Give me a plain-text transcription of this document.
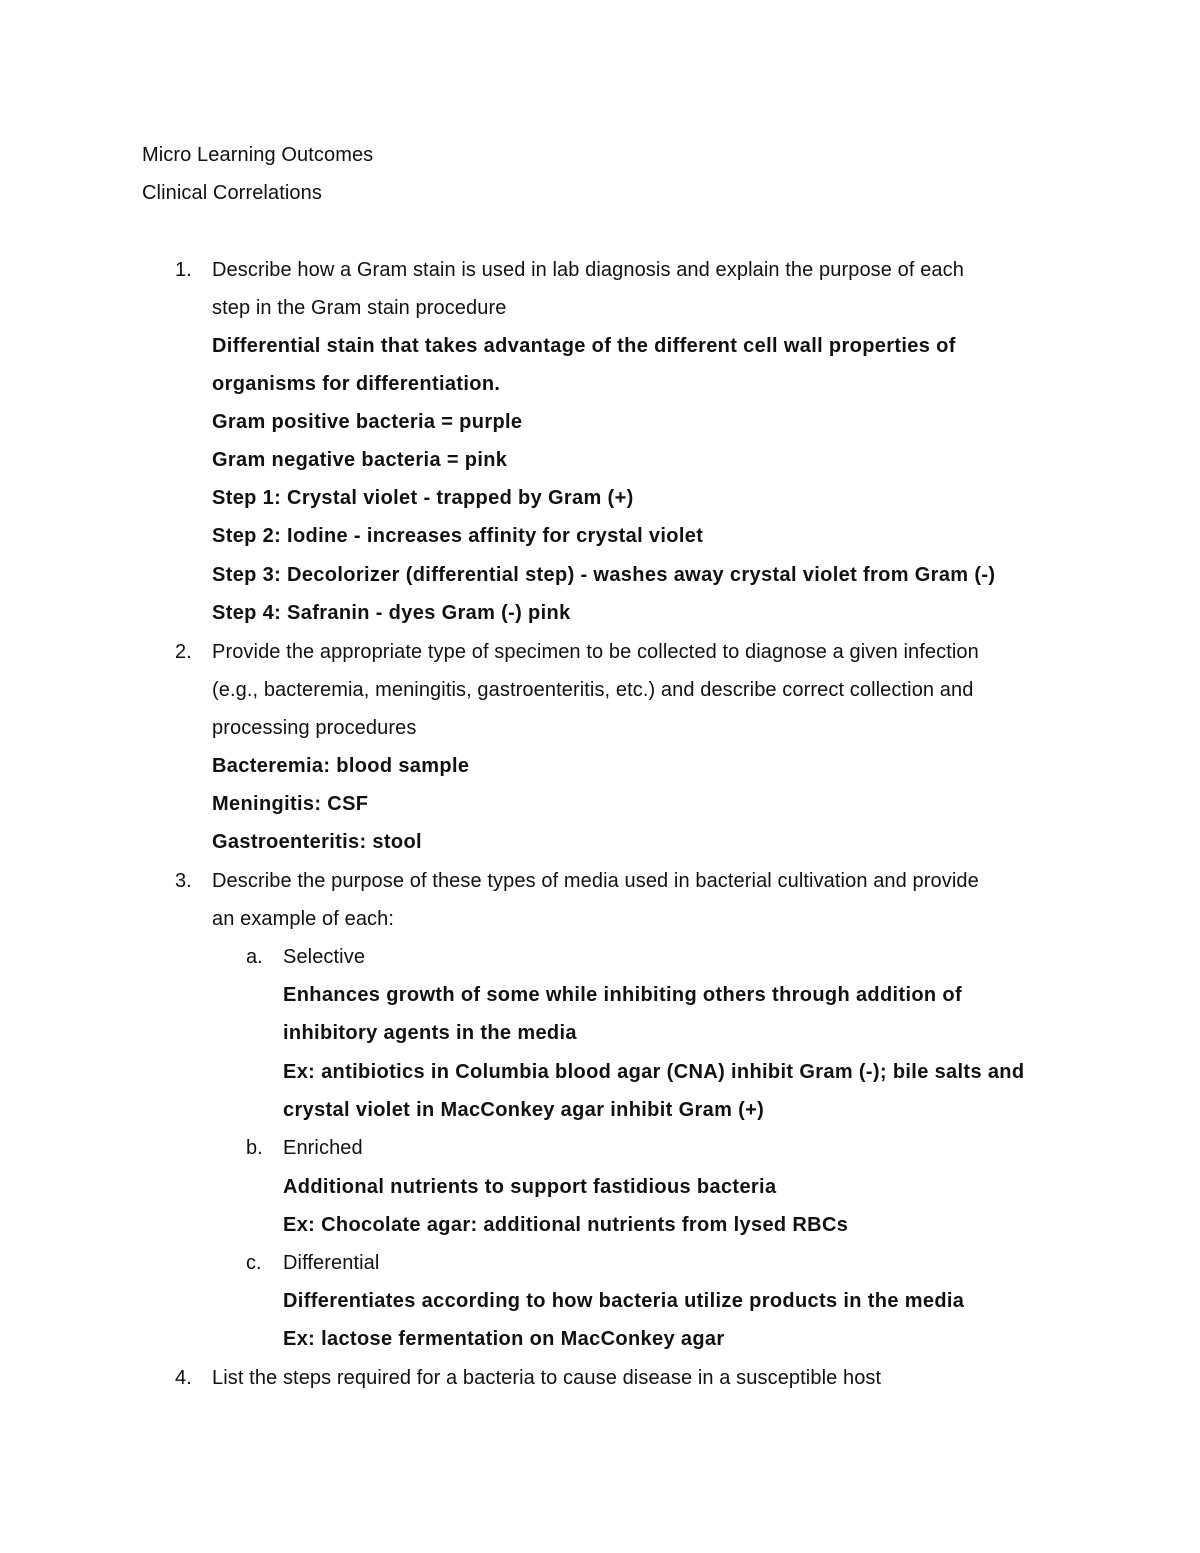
Micro Learning Outcomes
Clinical Correlations
1. Describe how a Gram stain is used in lab diagnosis and explain the purpose of each
step in the Gram stain procedure
Differential stain that takes advantage of the different cell wall properties of
organisms for differentiation.
Gram positive bacteria = purple
Gram negative bacteria = pink
Step 1: Crystal violet - trapped by Gram (+)
Step 2: Iodine - increases affinity for crystal violet
Step 3: Decolorizer (differential step) - washes away crystal violet from Gram (-)
Step 4: Safranin - dyes Gram (-) pink
2. Provide the appropriate type of specimen to be collected to diagnose a given infection
(e.g., bacteremia, meningitis, gastroenteritis, etc.) and describe correct collection and
processing procedures
Bacteremia: blood sample
Meningitis: CSF
Gastroenteritis: stool
3. Describe the purpose of these types of media used in bacterial cultivation and provide
an example of each:
a. Selective
Enhances growth of some while inhibiting others through addition of
inhibitory agents in the media
Ex: antibiotics in Columbia blood agar (CNA) inhibit Gram (-); bile salts and
crystal violet in MacConkey agar inhibit Gram (+)
b. Enriched
Additional nutrients to support fastidious bacteria
Ex: Chocolate agar: additional nutrients from lysed RBCs
c. Differential
Differentiates according to how bacteria utilize products in the media
Ex: lactose fermentation on MacConkey agar
4. List the steps required for a bacteria to cause disease in a susceptible host
